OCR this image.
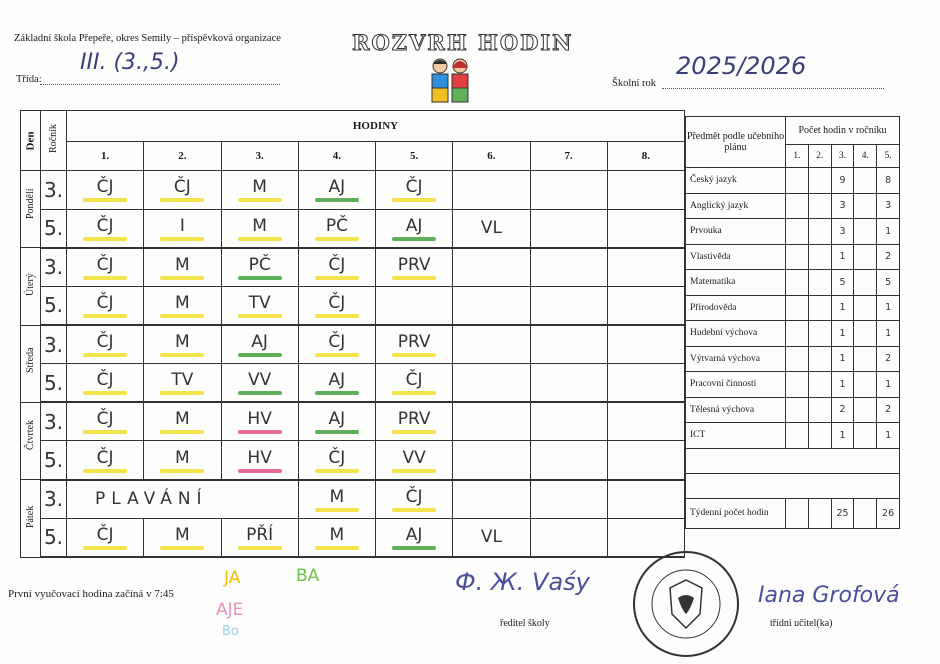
Základní škola Přepeře, okres Semily – příspěvková organizace	ROZVRH HODIN
Třída:
III. (3.,5.)
Školní rok
2025/2026
Den	Ročník	HODINY							
		1.	2.	3.	4.	5.	6.	7.	8.

Pondělí	3.	ČJ	ČJ	M	AJ	ČJ

	5.	ČJ	I	M	PČ	AJ	VL		

Úterý	3.	ČJ	M	PČ	ČJ	PRV

	5.	ČJ	M	TV	ČJ

Středa	3.	ČJ	M	AJ	ČJ	PRV

	5.	ČJ	TV	VV	AJ	ČJ

Čtvrtek	3.	ČJ	M	HV	AJ	PRV

	5.	ČJ	M	HV	ČJ	VV

Pátek	3.	PLAVÁNÍ			M	ČJ

	5.	ČJ	M	PŘÍ	M	AJ	VL		
Předmět podle učebního plánu	Počet hodin v ročníku				
	1.	2.	3.	4.	5.
Český jazyk			9		8
Anglický jazyk			3		3
Prvouka			3		1
Vlastivěda			1		2
Matematika			5		5
Přírodověda			1		1
Hudební výchova			1		1
Výtvarná výchova			1		2
Pracovní činnosti			1		1
Tělesná výchova			2		2
ICT			1		1

Týdenní počet hodin			25		26
První vyučovací hodina začíná v 7:45	Ф. Ж. Vаśу
ředitel školy
Iana Grofová
třídní učitel(ka)
JA	BA
AJE
Bo
